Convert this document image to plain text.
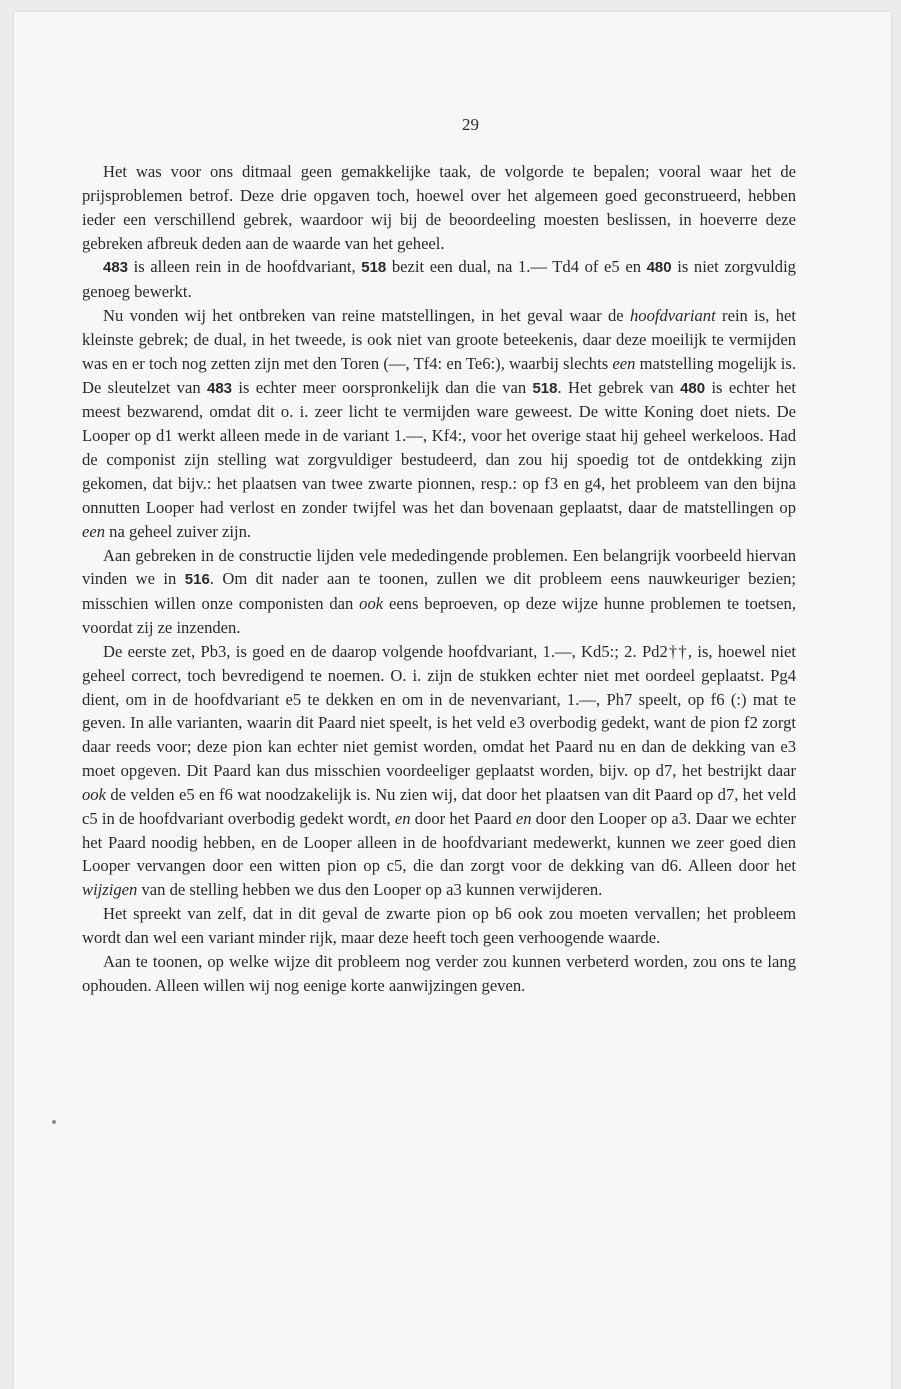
29

Het was voor ons ditmaal geen gemakkelijke taak, de volgorde te bepalen; vooral waar het de prijsproblemen betrof. Deze drie opgaven toch, hoewel over het algemeen goed geconstrueerd, hebben ieder een verschillend gebrek, waardoor wij bij de beoordeeling moesten beslissen, in hoeverre deze gebreken afbreuk deden aan de waarde van het geheel.

483 is alleen rein in de hoofdvariant, 518 bezit een dual, na 1.— Td4 of e5 en 480 is niet zorgvuldig genoeg bewerkt.

Nu vonden wij het ontbreken van reine matstellingen, in het geval waar de hoofdvariant rein is, het kleinste gebrek; de dual, in het tweede, is ook niet van groote beteekenis, daar deze moeilijk te vermijden was en er toch nog zetten zijn met den Toren (—, Tf4: en Te6:), waarbij slechts een matstelling mogelijk is. De sleutelzet van 483 is echter meer oorspronkelijk dan die van 518. Het gebrek van 480 is echter het meest bezwarend, omdat dit o. i. zeer licht te vermijden ware geweest. De witte Koning doet niets. De Looper op d1 werkt alleen mede in de variant 1.—, Kf4:, voor het overige staat hij geheel werkeloos. Had de componist zijn stelling wat zorgvuldiger bestudeerd, dan zou hij spoedig tot de ontdekking zijn gekomen, dat bijv.: het plaatsen van twee zwarte pionnen, resp.: op f3 en g4, het probleem van den bijna onnutten Looper had verlost en zonder twijfel was het dan bovenaan geplaatst, daar de matstellingen op een na geheel zuiver zijn.

Aan gebreken in de constructie lijden vele mededingende problemen. Een belangrijk voorbeeld hiervan vinden we in 516. Om dit nader aan te toonen, zullen we dit probleem eens nauwkeuriger bezien; misschien willen onze componisten dan ook eens beproeven, op deze wijze hunne problemen te toetsen, voordat zij ze inzenden.

De eerste zet, Pb3, is goed en de daarop volgende hoofdvariant, 1.—, Kd5:; 2. Pd2††, is, hoewel niet geheel correct, toch bevredigend te noemen. O. i. zijn de stukken echter niet met oordeel geplaatst. Pg4 dient, om in de hoofdvariant e5 te dekken en om in de nevenvariant, 1.—, Ph7 speelt, op f6 (:) mat te geven. In alle varianten, waarin dit Paard niet speelt, is het veld e3 overbodig gedekt, want de pion f2 zorgt daar reeds voor; deze pion kan echter niet gemist worden, omdat het Paard nu en dan de dekking van e3 moet opgeven. Dit Paard kan dus misschien voordeeliger geplaatst worden, bijv. op d7, het bestrijkt daar ook de velden e5 en f6 wat noodzakelijk is. Nu zien wij, dat door het plaatsen van dit Paard op d7, het veld c5 in de hoofdvariant overbodig gedekt wordt, en door het Paard en door den Looper op a3. Daar we echter het Paard noodig hebben, en de Looper alleen in de hoofdvariant medewerkt, kunnen we zeer goed dien Looper vervangen door een witten pion op c5, die dan zorgt voor de dekking van d6. Alleen door het wijzigen van de stelling hebben we dus den Looper op a3 kunnen verwijderen.

Het spreekt van zelf, dat in dit geval de zwarte pion op b6 ook zou moeten vervallen; het probleem wordt dan wel een variant minder rijk, maar deze heeft toch geen verhoogende waarde.

Aan te toonen, op welke wijze dit probleem nog verder zou kunnen verbeterd worden, zou ons te lang ophouden. Alleen willen wij nog eenige korte aanwijzingen geven.
